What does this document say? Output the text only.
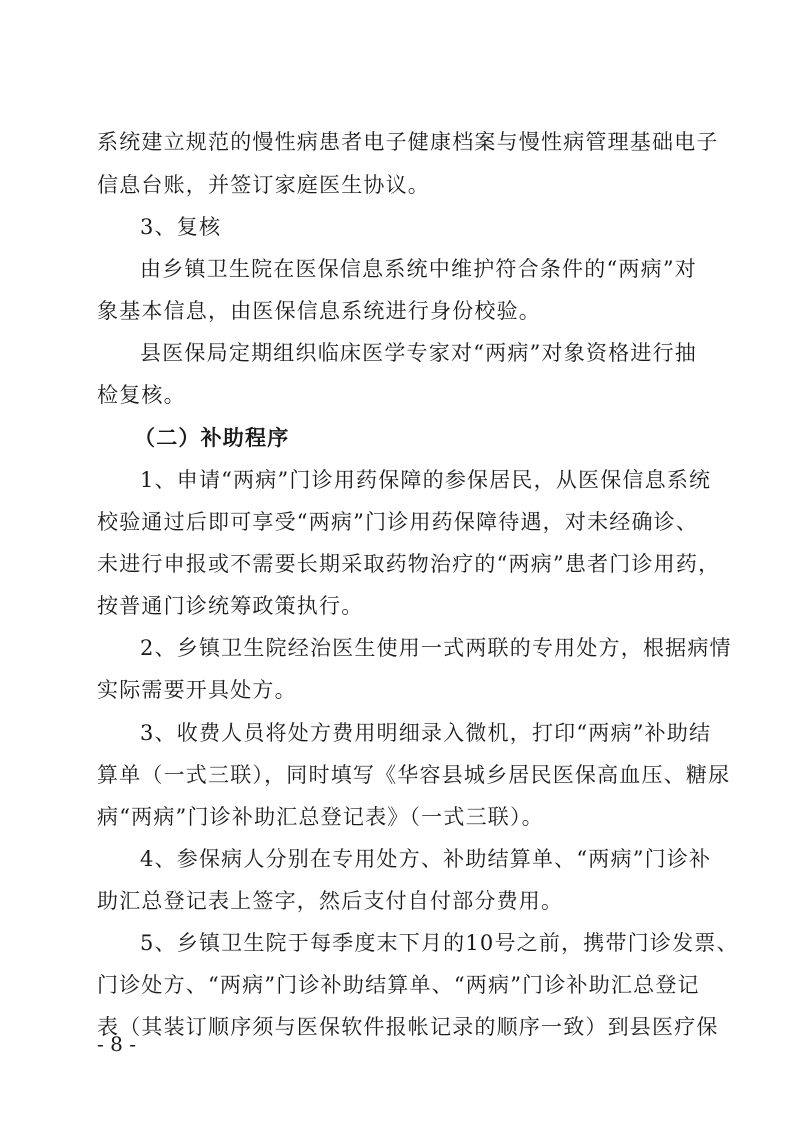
系统建立规范的慢性病患者电子健康档案与慢性病管理基础电子
信息台账，并签订家庭医生协议。
3、复核
由乡镇卫生院在医保信息系统中维护符合条件的“两病”对
象基本信息，由医保信息系统进行身份校验。
县医保局定期组织临床医学专家对“两病”对象资格进行抽
检复核。
（二）补助程序
1、申请“两病”门诊用药保障的参保居民，从医保信息系统
校验通过后即可享受“两病”门诊用药保障待遇，对未经确诊、
未进行申报或不需要长期采取药物治疗的“两病”患者门诊用药，
按普通门诊统筹政策执行。
2、乡镇卫生院经治医生使用一式两联的专用处方，根据病情
实际需要开具处方。
3、收费人员将处方费用明细录入微机，打印“两病”补助结
算单（一式三联），同时填写《华容县城乡居民医保高血压、糖尿
病“两病”门诊补助汇总登记表》（一式三联）。
4、参保病人分别在专用处方、补助结算单、“两病”门诊补
助汇总登记表上签字，然后支付自付部分费用。
5、乡镇卫生院于每季度末下月的10号之前，携带门诊发票、
门诊处方、“两病”门诊补助结算单、“两病”门诊补助汇总登记
表（其装订顺序须与医保软件报帐记录的顺序一致）到县医疗保
- 8 -
